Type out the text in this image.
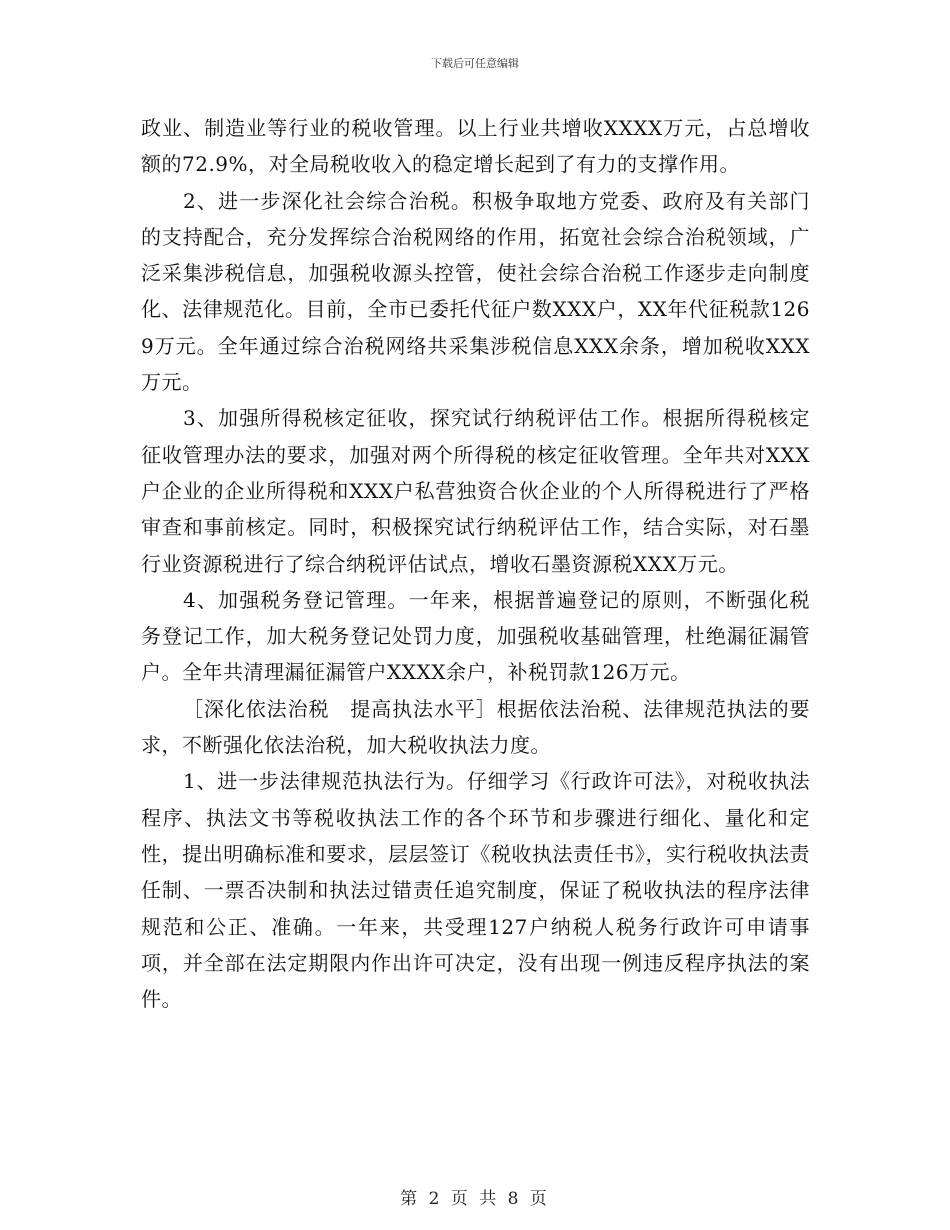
下载后可任意编辑

政业、制造业等行业的税收管理。以上行业共增收XXXX万元，占总增收额的72.9%，对全局税收收入的稳定增长起到了有力的支撑作用。

2、进一步深化社会综合治税。积极争取地方党委、政府及有关部门的支持配合，充分发挥综合治税网络的作用，拓宽社会综合治税领域，广泛采集涉税信息，加强税收源头控管，使社会综合治税工作逐步走向制度化、法律规范化。目前，全市已委托代征户数XXX户，XX年代征税款1269万元。全年通过综合治税网络共采集涉税信息XXX余条，增加税收XXX万元。

3、加强所得税核定征收，探究试行纳税评估工作。根据所得税核定征收管理办法的要求，加强对两个所得税的核定征收管理。全年共对XXX户企业的企业所得税和XXX户私营独资合伙企业的个人所得税进行了严格审查和事前核定。同时，积极探究试行纳税评估工作，结合实际，对石墨行业资源税进行了综合纳税评估试点，增收石墨资源税XXX万元。

4、加强税务登记管理。一年来，根据普遍登记的原则，不断强化税务登记工作，加大税务登记处罚力度，加强税收基础管理，杜绝漏征漏管户。全年共清理漏征漏管户XXXX余户，补税罚款126万元。

［深化依法治税　提高执法水平］根据依法治税、法律规范执法的要求，不断强化依法治税，加大税收执法力度。

1、进一步法律规范执法行为。仔细学习《行政许可法》，对税收执法程序、执法文书等税收执法工作的各个环节和步骤进行细化、量化和定性，提出明确标准和要求，层层签订《税收执法责任书》，实行税收执法责任制、一票否决制和执法过错责任追究制度，保证了税收执法的程序法律规范和公正、准确。一年来，共受理127户纳税人税务行政许可申请事项，并全部在法定期限内作出许可决定，没有出现一例违反程序执法的案件。

第 2 页 共 8 页
